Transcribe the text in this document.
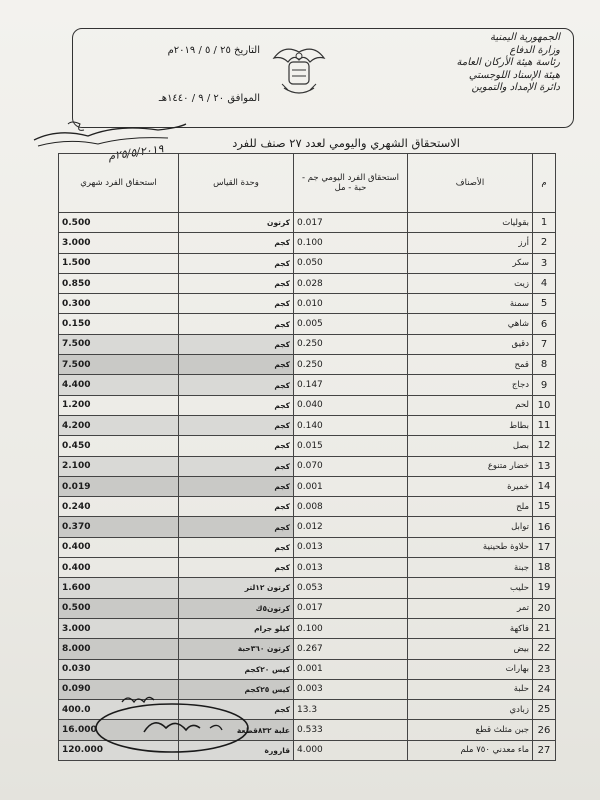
الجمهورية اليمنية
وزارة الدفاع
رئاسة هيئة الأركان العامة
هيئة الإسناد اللوجستي
دائرة الإمداد والتموين
التاريخ ٢٥ / ٥ / ٢٠١٩م
الموافق ٢٠ / ٩ / ١٤٤٠هـ
٢٥/٥/٢٠١٩م	الاستحقاق الشهري واليومي لعدد ٢٧ صنف للفرد
استحقاق الفرد شهري	وحدة القياس	استحقاق الفرد اليومي جم - حبة - مل	الأصناف	م
0.500	كرتون	0.017	بقوليات	1
3.000	كجم	0.100	أرز	2
1.500	كجم	0.050	سكر	3
0.850	كجم	0.028	زيت	4
0.300	كجم	0.010	سمنة	5
0.150	كجم	0.005	شاهي	6
7.500	كجم	0.250	دقيق	7
7.500	كجم	0.250	قمح	8
4.400	كجم	0.147	دجاج	9
1.200	كجم	0.040	لحم	10
4.200	كجم	0.140	بطاط	11
0.450	كجم	0.015	بصل	12
2.100	كجم	0.070	خضار متنوع	13
0.019	كجم	0.001	خميرة	14
0.240	كجم	0.008	ملح	15
0.370	كجم	0.012	توابل	16
0.400	كجم	0.013	حلاوة طحينية	17
0.400	كجم	0.013	جبنة	18
1.600	كرتون ١٢لتر	0.053	حليب	19
0.500	كرتون٥ك	0.017	تمر	20
3.000	كيلو جرام	0.100	فاكهة	21
8.000	كرتون ٣٦٠حبة	0.267	بيض	22
0.030	كيس ٢٠كجم	0.001	بهارات	23
0.090	كيس ٢٥كجم	0.003	حلبة	24
400.0	كجم	13.3	زبادي	25
16.000	علبة ٨٣٢قطعة	0.533	جبن مثلث قطع	26
120.000	قارورة	4.000	ماء معدني ٧٥٠ ملم	27
